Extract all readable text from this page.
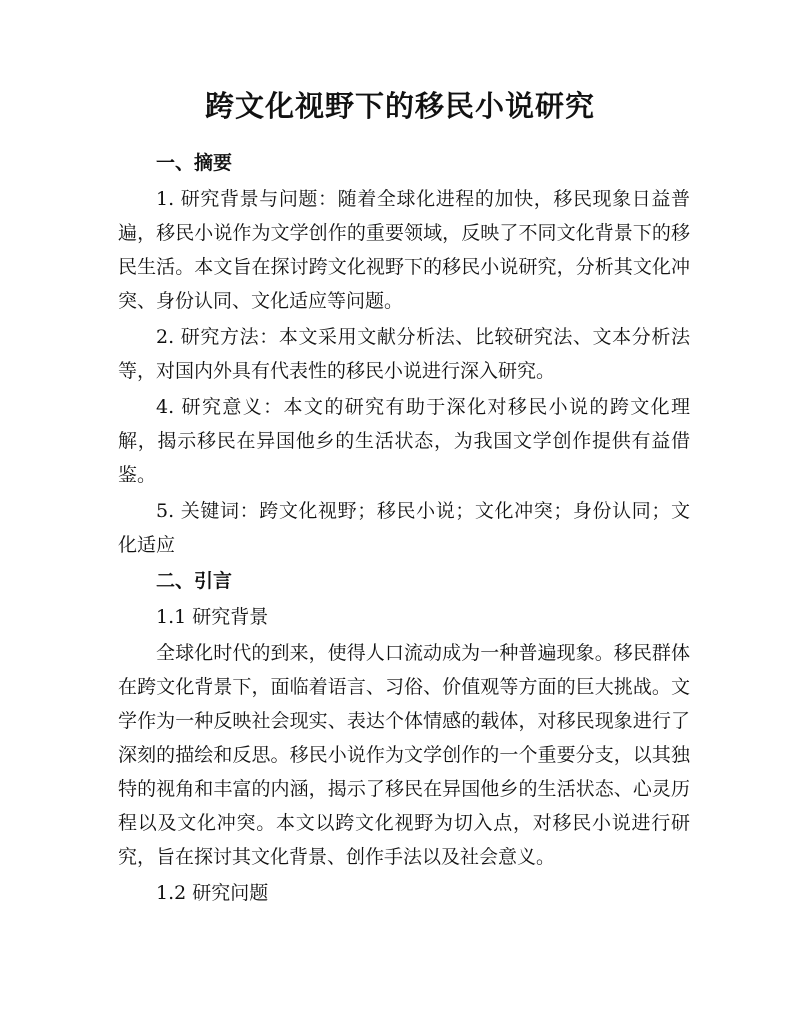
跨文化视野下的移民小说研究
一、摘要

1. 研究背景与问题：随着全球化进程的加快，移民现象日益普遍，移民小说作为文学创作的重要领域，反映了不同文化背景下的移民生活。本文旨在探讨跨文化视野下的移民小说研究，分析其文化冲突、身份认同、文化适应等问题。

2. 研究方法：本文采用文献分析法、比较研究法、文本分析法等，对国内外具有代表性的移民小说进行深入研究。

4. 研究意义：本文的研究有助于深化对移民小说的跨文化理解，揭示移民在异国他乡的生活状态，为我国文学创作提供有益借鉴。

5. 关键词：跨文化视野；移民小说；文化冲突；身份认同；文化适应

二、引言
1.1 研究背景

全球化时代的到来，使得人口流动成为一种普遍现象。移民群体在跨文化背景下，面临着语言、习俗、价值观等方面的巨大挑战。文学作为一种反映社会现实、表达个体情感的载体，对移民现象进行了深刻的描绘和反思。移民小说作为文学创作的一个重要分支，以其独特的视角和丰富的内涵，揭示了移民在异国他乡的生活状态、心灵历程以及文化冲突。本文以跨文化视野为切入点，对移民小说进行研究，旨在探讨其文化背景、创作手法以及社会意义。

1.2 研究问题
